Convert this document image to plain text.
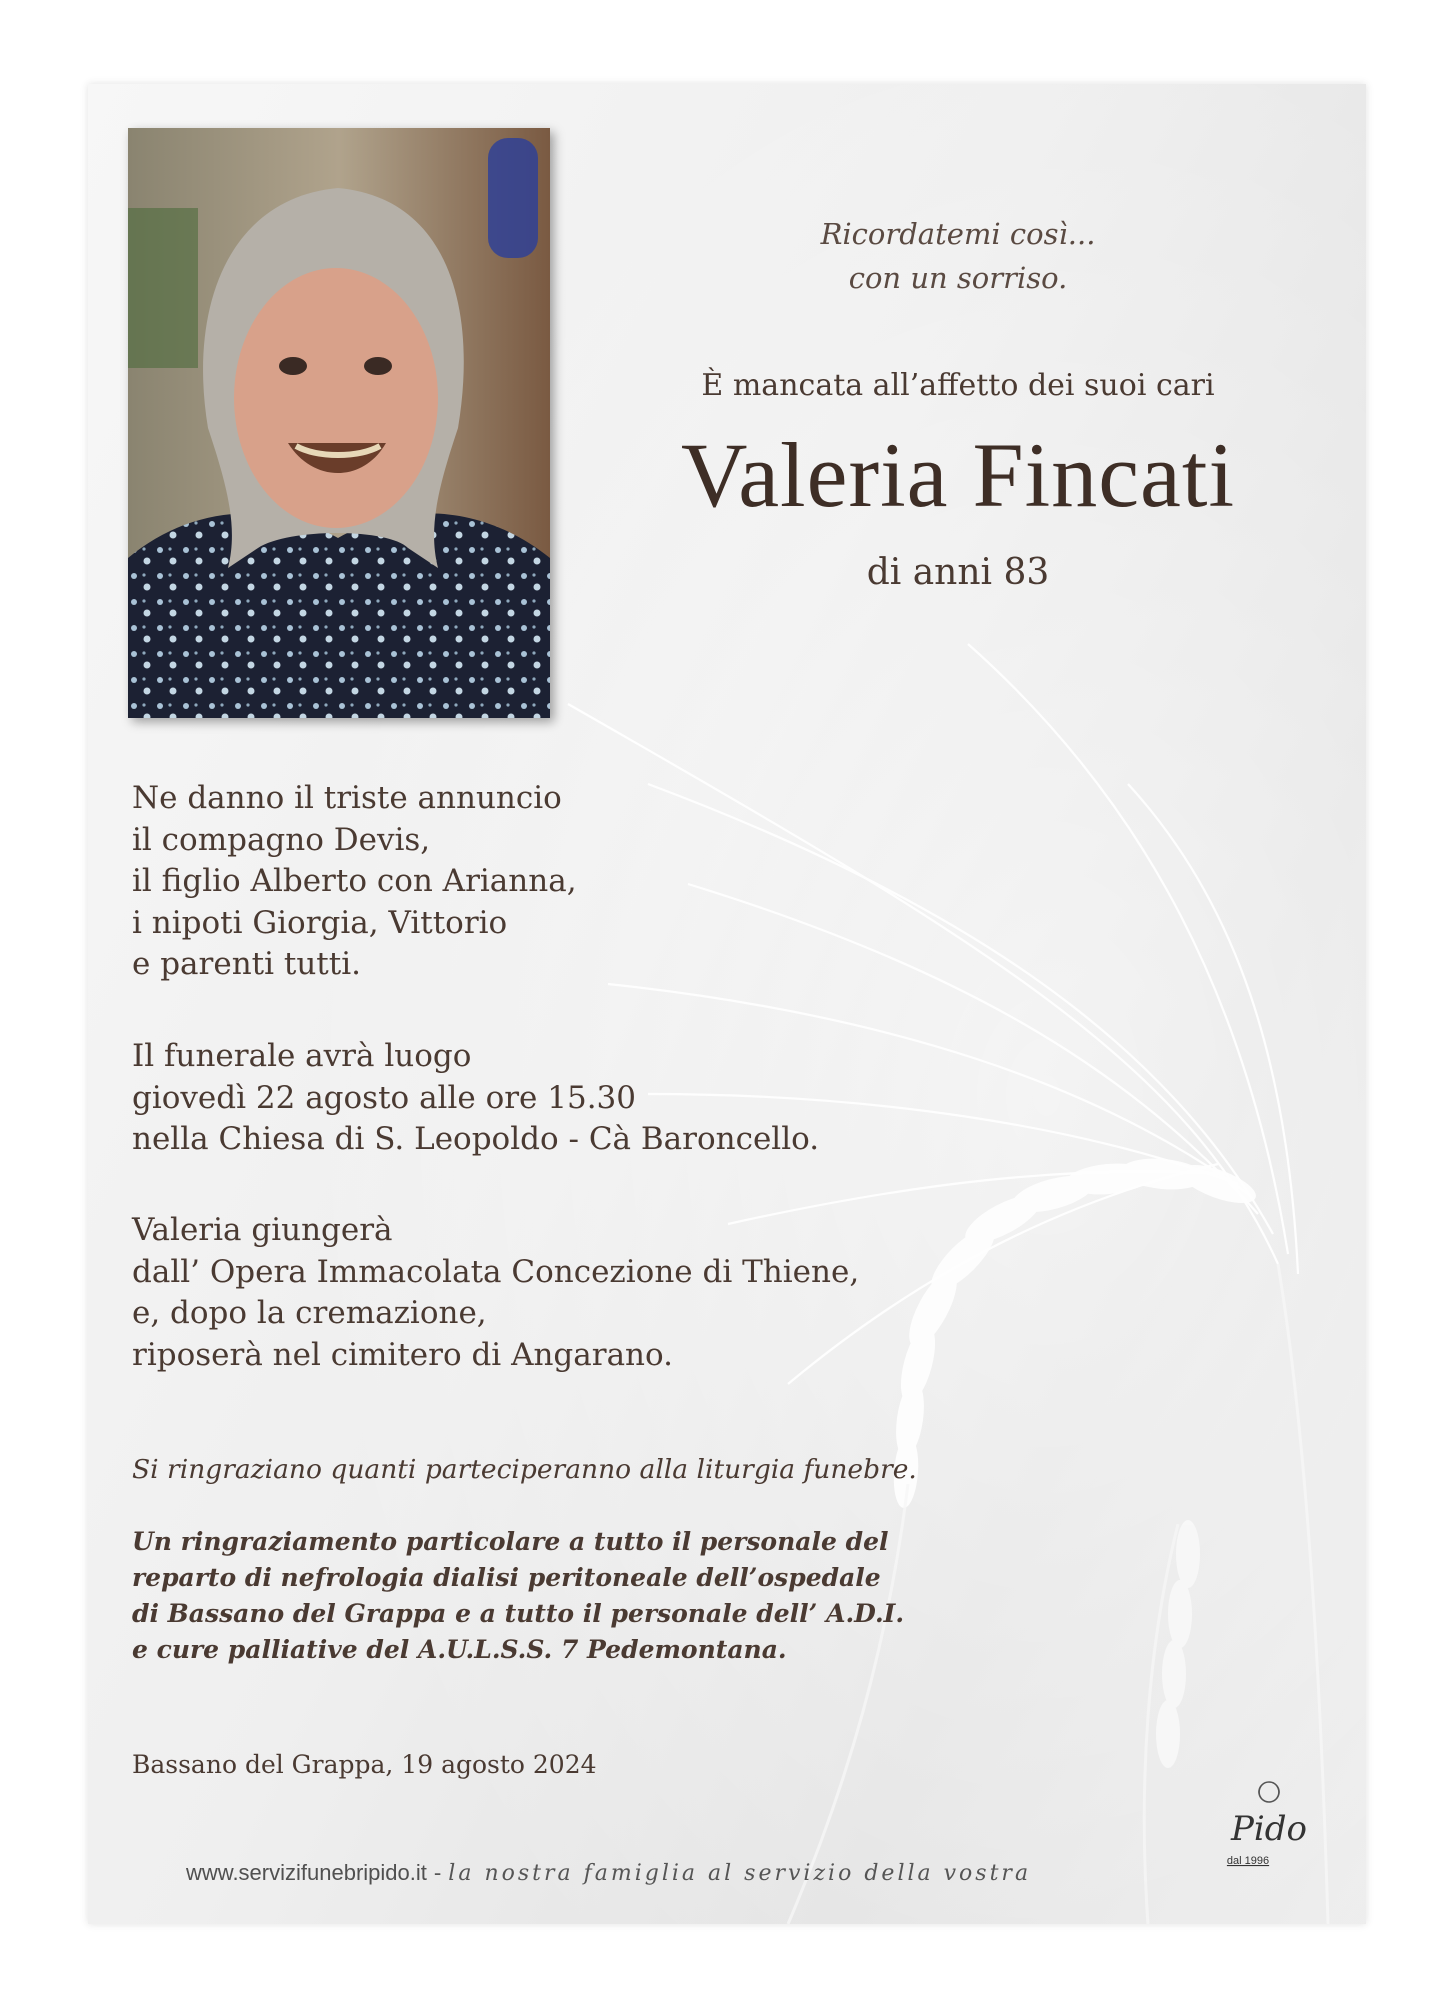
Ricordatemi così...
con un sorriso.
È mancata all’affetto dei suoi cari
Valeria Fincati
di anni 83
Ne danno il triste annuncio
il compagno Devis,
il figlio Alberto con Arianna,
i nipoti Giorgia, Vittorio
e parenti tutti.
Il funerale avrà luogo
giovedì 22 agosto alle ore 15.30
nella Chiesa di S. Leopoldo - Cà Baroncello.
Valeria giungerà
dall’ Opera Immacolata Concezione di Thiene,
e, dopo la cremazione,
riposerà nel cimitero di Angarano.
Si ringraziano quanti parteciperanno alla liturgia funebre.
Un ringraziamento particolare a tutto il personale del
reparto di nefrologia dialisi peritoneale dell’ospedale
di Bassano del Grappa e a tutto il personale dell’ A.D.I.
e cure palliative del A.U.L.S.S. 7 Pedemontana.
Bassano del Grappa, 19 agosto 2024
www.servizifunebripido.it - la nostra famiglia al servizio della vostra
Pido
dal 1996
